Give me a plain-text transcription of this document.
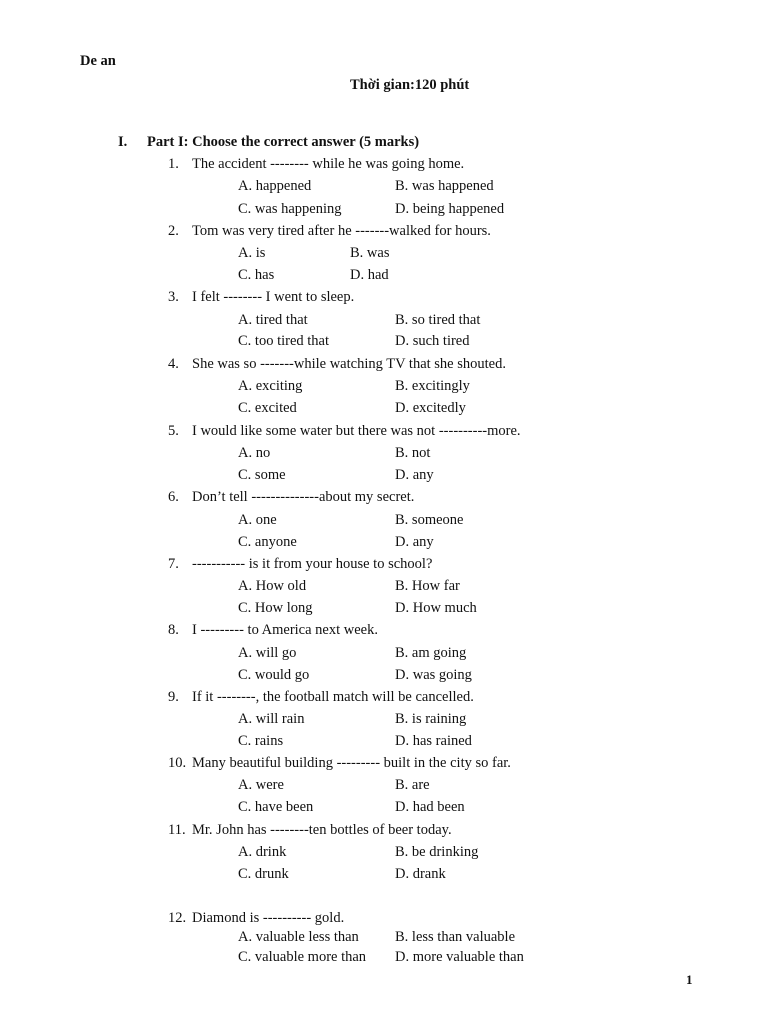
De an
Thời gian:120 phút
I. Part I: Choose the correct answer (5 marks)
1. The accident -------- while he was going home.
A. happened	B. was happened
C. was happening	D. being happened
2. Tom was very tired after he -------walked for hours.
A. is	B. was
C. has	D. had
3. I felt -------- I went to sleep.
A. tired that	B. so tired that
C. too tired that	D. such tired
4. She was so -------while watching TV that she shouted.
A. exciting	B. excitingly
C. excited	D. excitedly
5. I would like some water but there was not ----------more.
A. no	B. not
C. some	D. any
6. Don’t tell --------------about my secret.
A. one	B. someone
C. anyone	D. any
7. ----------- is it from your house to school?
A. How old	B. How far
C. How long	D. How much
8. I --------- to America next week.
A. will go	B. am going
C. would go	D. was going
9. If it --------, the football match will be cancelled.
A. will rain	B. is raining
C. rains	D. has rained
10. Many beautiful building --------- built in the city so far.
A. were	B. are
C. have been	D. had been
11. Mr. John has --------ten bottles of beer today.
A. drink	B. be drinking
C. drunk	D. drank
12. Diamond is ---------- gold.
A. valuable less than B. less than valuable
C. valuable more than D. more valuable than
1
